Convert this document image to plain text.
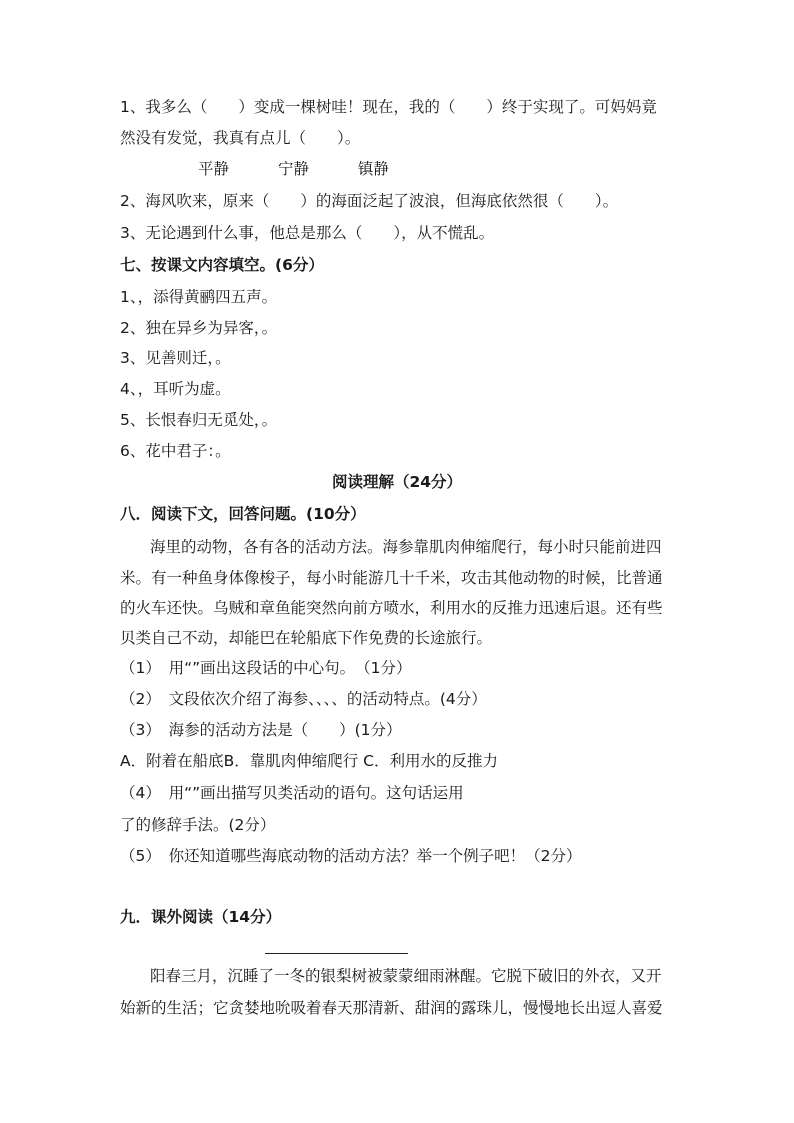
1、我多么（　　）变成一棵树哇！现在，我的（　　）终于实现了。可妈妈竟
然没有发觉，我真有点儿（　　）。
平静	宁静	镇静
2、海风吹来，原来（　　）的海面泛起了波浪，但海底依然很（　　）。
3、无论遇到什么事，他总是那么（　　），从不慌乱。
七、按课文内容填空。(6分）
1、，添得黄鹂四五声。
2、独在异乡为异客，。
3、见善则迁，。
4、，耳听为虚。
5、长恨春归无觅处，。
6、花中君子：。
阅读理解（24分）
八．阅读下文，回答问题。(10分）
海里的动物，各有各的活动方法。海参靠肌肉伸缩爬行，每小时只能前进四
米。有一种鱼身体像梭子，每小时能游几十千米，攻击其他动物的时候，比普通
的火车还快。乌贼和章鱼能突然向前方喷水，利用水的反推力迅速后退。还有些
贝类自己不动，却能巴在轮船底下作免费的长途旅行。
（1）　用“”画出这段话的中心句。　（1分）
（2）　文段依次介绍了海参、、、、的活动特点。(4分）
（3）　海参的活动方法是（　　）(1分）
A．附着在船底B．靠肌肉伸缩爬行 C．利用水的反推力
（4）　用“”画出描写贝类活动的语句。这句话运用
了的修辞手法。(2分）
（5）　你还知道哪些海底动物的活动方法？举一个例子吧！（2分）
九．课外阅读（14分）
阳春三月，沉睡了一冬的银梨树被蒙蒙细雨淋醒。它脱下破旧的外衣，又开
始新的生活；它贪婪地吮吸着春天那清新、甜润的露珠儿，慢慢地长出逗人喜爱
